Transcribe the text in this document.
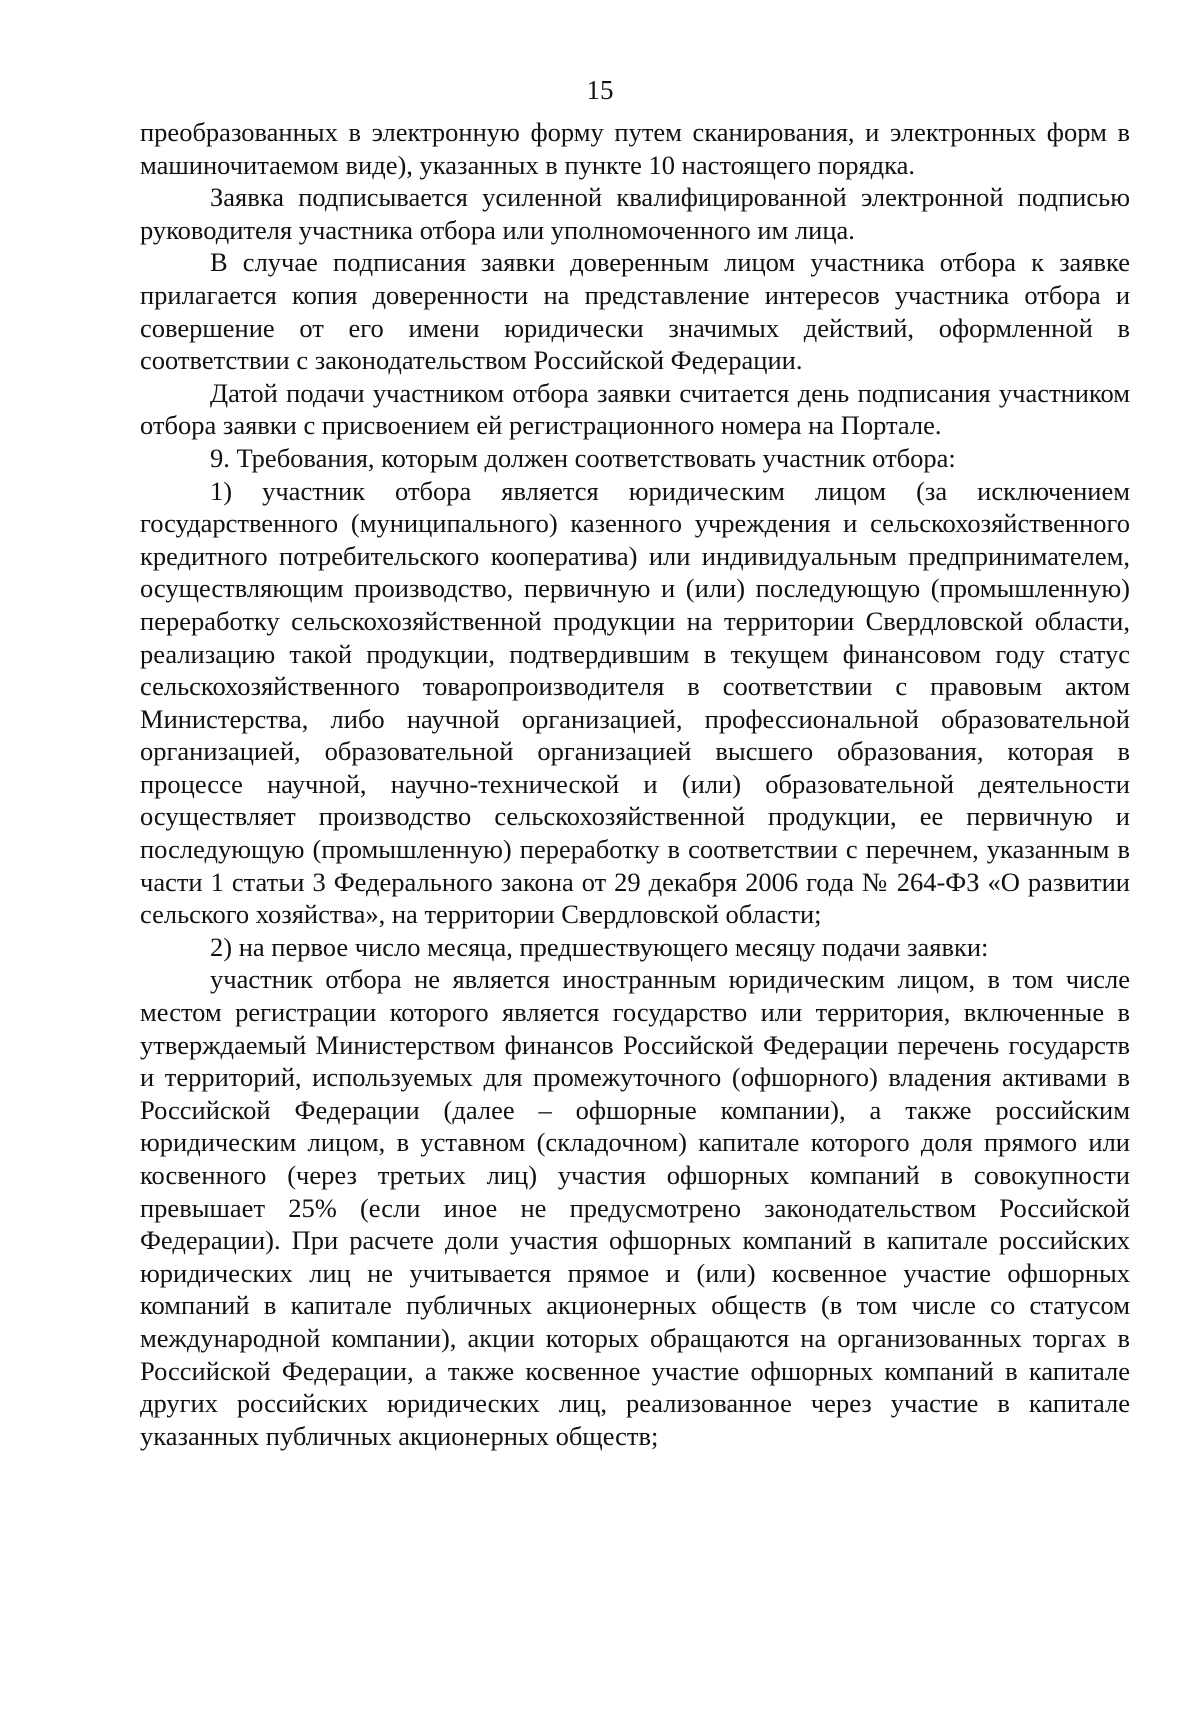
15

преобразованных в электронную форму путем сканирования, и электронных форм в машиночитаемом виде), указанных в пункте 10 настоящего порядка.

Заявка подписывается усиленной квалифицированной электронной подписью руководителя участника отбора или уполномоченного им лица.

В случае подписания заявки доверенным лицом участника отбора к заявке прилагается копия доверенности на представление интересов участника отбора и совершение от его имени юридически значимых действий, оформленной в соответствии с законодательством Российской Федерации.

Датой подачи участником отбора заявки считается день подписания участником отбора заявки с присвоением ей регистрационного номера на Портале.

9. Требования, которым должен соответствовать участник отбора:

1) участник отбора является юридическим лицом (за исключением государственного (муниципального) казенного учреждения и сельскохозяйственного кредитного потребительского кооператива) или индивидуальным предпринимателем, осуществляющим производство, первичную и (или) последующую (промышленную) переработку сельскохозяйственной продукции на территории Свердловской области, реализацию такой продукции, подтвердившим в текущем финансовом году статус сельскохозяйственного товаропроизводителя в соответствии с правовым актом Министерства, либо научной организацией, профессиональной образовательной организацией, образовательной организацией высшего образования, которая в процессе научной, научно-технической и (или) образовательной деятельности осуществляет производство сельскохозяйственной продукции, ее первичную и последующую (промышленную) переработку в соответствии с перечнем, указанным в части 1 статьи 3 Федерального закона от 29 декабря 2006 года № 264-ФЗ «О развитии сельского хозяйства», на территории Свердловской области;

2) на первое число месяца, предшествующего месяцу подачи заявки:

участник отбора не является иностранным юридическим лицом, в том числе местом регистрации которого является государство или территория, включенные в утверждаемый Министерством финансов Российской Федерации перечень государств и территорий, используемых для промежуточного (офшорного) владения активами в Российской Федерации (далее – офшорные компании), а также российским юридическим лицом, в уставном (складочном) капитале которого доля прямого или косвенного (через третьих лиц) участия офшорных компаний в совокупности превышает 25% (если иное не предусмотрено законодательством Российской Федерации). При расчете доли участия офшорных компаний в капитале российских юридических лиц не учитывается прямое и (или) косвенное участие офшорных компаний в капитале публичных акционерных обществ (в том числе со статусом международной компании), акции которых обращаются на организованных торгах в Российской Федерации, а также косвенное участие офшорных компаний в капитале других российских юридических лиц, реализованное через участие в капитале указанных публичных акционерных обществ;
